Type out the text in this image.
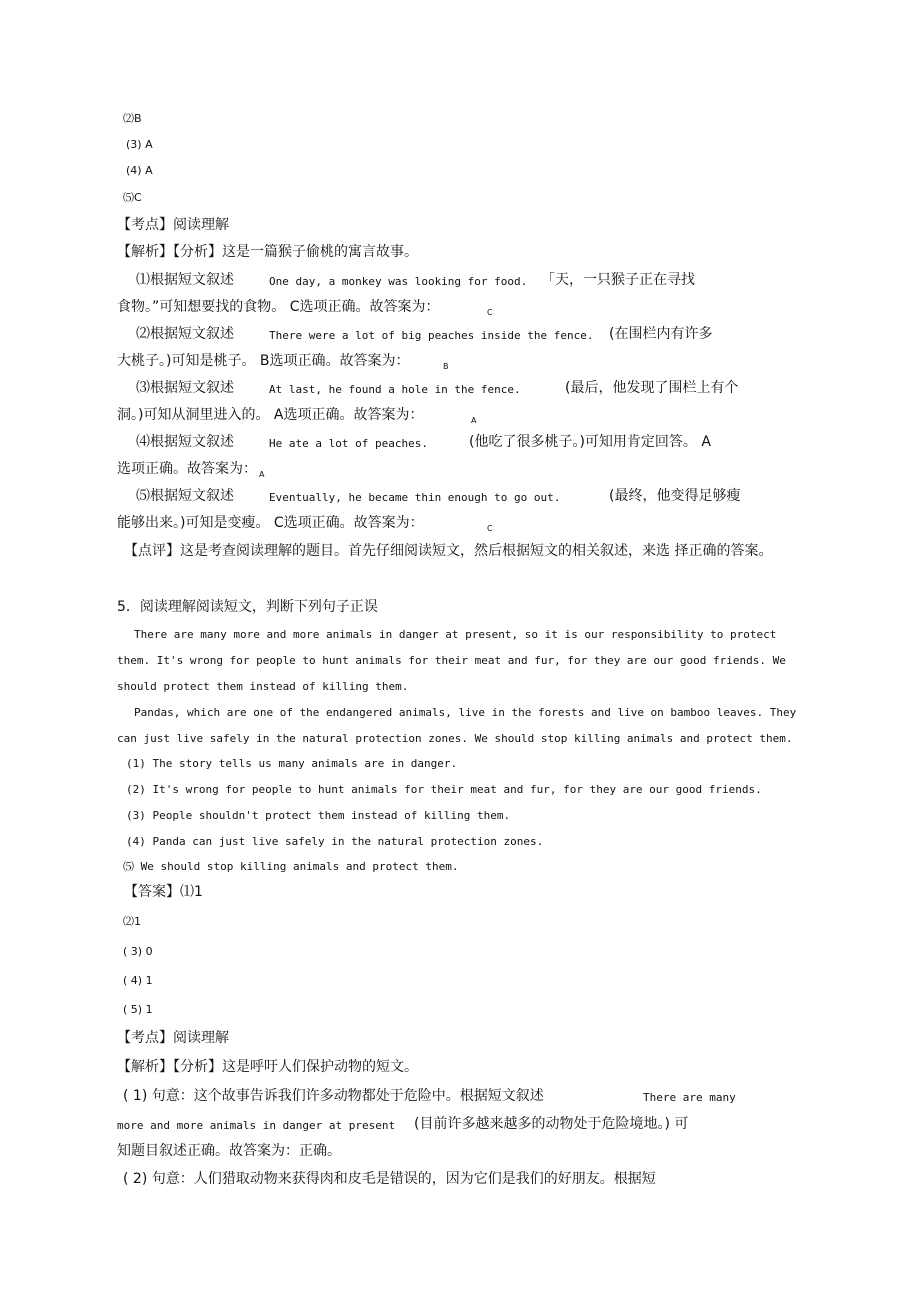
⑵B
(3) A
(4) A
⑸C
【考点】阅读理解
【解析】【分析】这是一篇猴子偷桃的寓言故事。
⑴根据短文叙述	One day, a monkey was looking for food. 「天，一只猴子正在寻找
食物。”可知想要找的食物。 C选项正确。故答案为：	C
⑵根据短文叙述	There were a lot of big peaches inside the fence. (在围栏内有许多
大桃子。)可知是桃子。 B选项正确。故答案为：	B
⑶根据短文叙述	At last, he found a hole in the fence.	(最后，他发现了围栏上有个
洞。)可知从洞里进入的。 A选项正确。故答案为：	A
⑷根据短文叙述	He ate a lot of peaches.	(他吃了很多桃子。)可知用肯定回答。 A
选项正确。故答案为： A
⑸根据短文叙述	Eventually, he became thin enough to go out.	(最终，他变得足够瘦
能够出来。)可知是变瘦。 C选项正确。故答案为：	C
【点评】这是考查阅读理解的题目。首先仔细阅读短文，然后根据短文的相关叙述，来选 择正确的答案。
5．阅读理解阅读短文，判断下列句子正误
There are many more and more animals in danger at present, so it is our responsibility to protect
them. It's wrong for people to hunt animals for their meat and fur, for they are our good friends. We
should protect them instead of killing them.
Pandas, which are one of the endangered animals, live in the forests and live on bamboo leaves. They
can just live safely in the natural protection zones. We should stop killing animals and protect them.
(1) The story tells us many animals are in danger.
(2) It's wrong for people to hunt animals for their meat and fur, for they are our good friends.
(3) People shouldn't protect them instead of killing them.
(4) Panda can just live safely in the natural protection zones.
⑸ We should stop killing animals and protect them.
【答案】⑴1
⑵1
( 3) 0
( 4) 1
( 5) 1
【考点】阅读理解
【解析】【分析】这是呼吁人们保护动物的短文。
( 1) 句意：这个故事告诉我们许多动物都处于危险中。根据短文叙述	There are many
more and more animals in danger at present (目前许多越来越多的动物处于危险境地。) 可
知题目叙述正确。故答案为：正确。
( 2) 句意：人们猎取动物来获得肉和皮毛是错误的，因为它们是我们的好朋友。根据短
